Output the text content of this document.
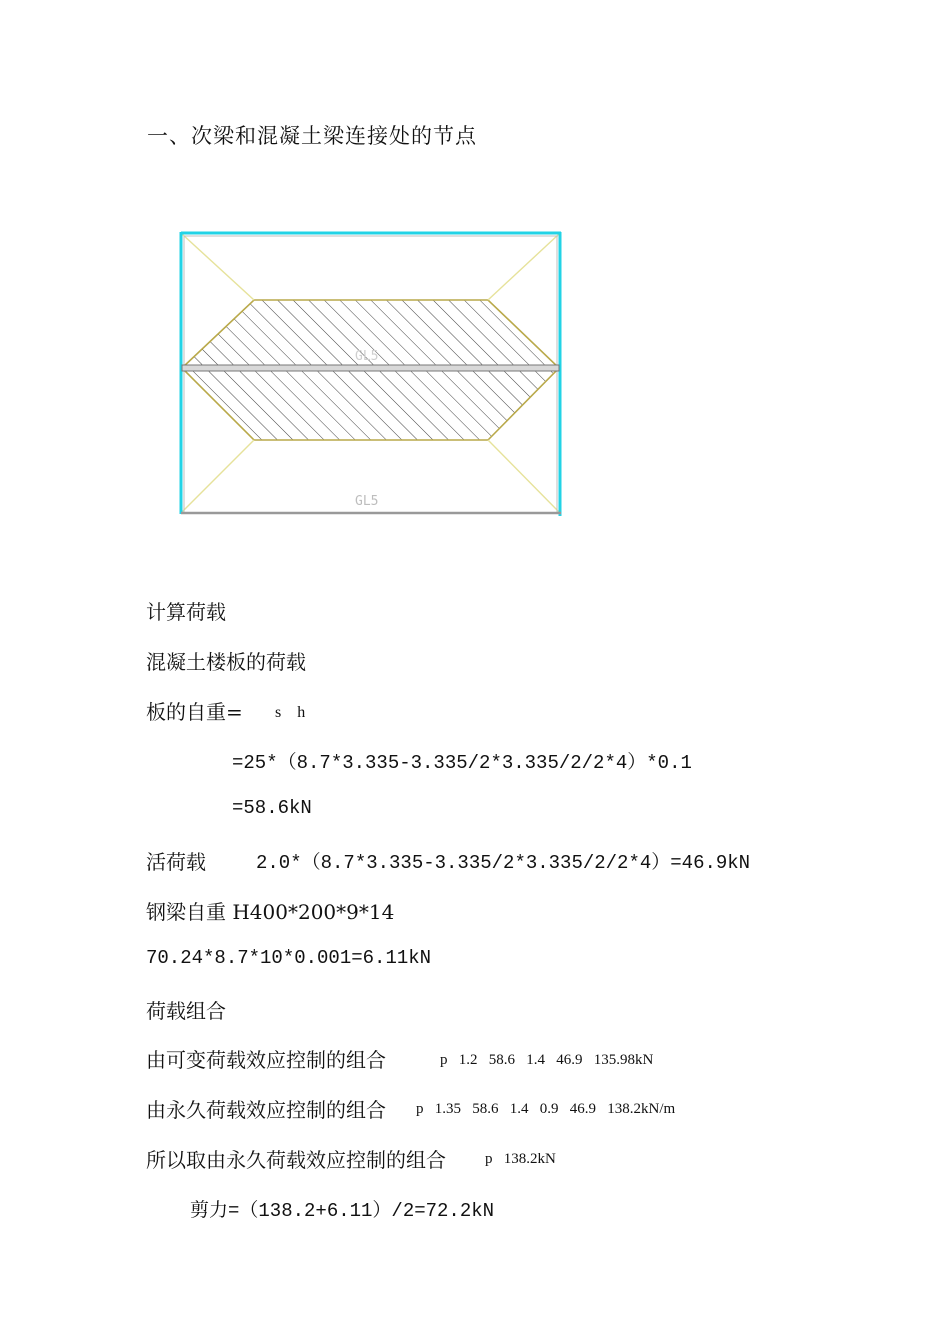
一、次梁和混凝土梁连接处的节点
GL5
GL5
计算荷载
混凝土楼板的荷载
板的自重= s h
=25*（8.7*3.335-3.335/2*3.335/2/2*4）*0.1
=58.6kN
活荷载	2.0*（8.7*3.335-3.335/2*3.335/2/2*4）=46.9kN
钢梁自重 H400*200*9*14
70.24*8.7*10*0.001=6.11kN
荷载组合
由可变荷载效应控制的组合	p   1.2   58.6   1.4   46.9   135.98kN
由永久荷载效应控制的组合 p   1.35   58.6   1.4   0.9   46.9   138.2kN/m
所以取由永久荷载效应控制的组合	p   138.2kN
剪力=（138.2+6.11）/2=72.2kN
